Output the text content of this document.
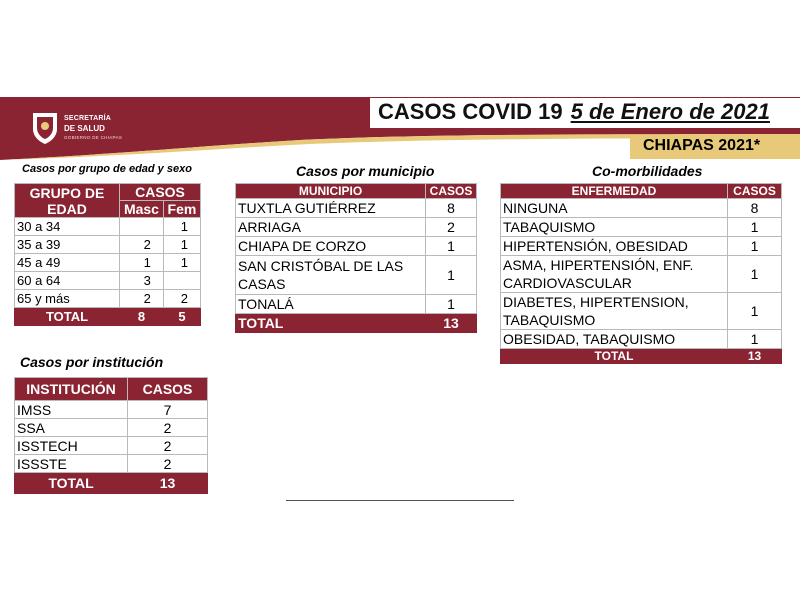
SECRETARÍA
DE SALUD
GOBIERNO DE CHIAPAS
CASOS COVID 19 5 de Enero de 2021
CHIAPAS 2021*
Casos por grupo de edad y sexo	Casos por municipio	Co-morbilidades
Casos por institución
GRUPO DE EDAD	CASOS	
	Masc	Fem
30 a 34		1
35 a 39	2	1
45 a 49	1	1
60 a 64	3	
65 y más	2	2
TOTAL	8	5
MUNICIPIO	CASOS
TUXTLA GUTIÉRREZ	8
ARRIAGA	2
CHIAPA DE CORZO	1
SAN CRISTÓBAL DE LAS CASAS	1
TONALÁ	1
TOTAL	13
ENFERMEDAD	CASOS
NINGUNA	8
TABAQUISMO	1
HIPERTENSIÓN, OBESIDAD	1
ASMA, HIPERTENSIÓN, ENF. CARDIOVASCULAR	1
DIABETES, HIPERTENSION, TABAQUISMO	1
OBESIDAD, TABAQUISMO	1
TOTAL	13
INSTITUCIÓN	CASOS
IMSS	7
SSA	2
ISSTECH	2
ISSSTE	2
TOTAL	13
